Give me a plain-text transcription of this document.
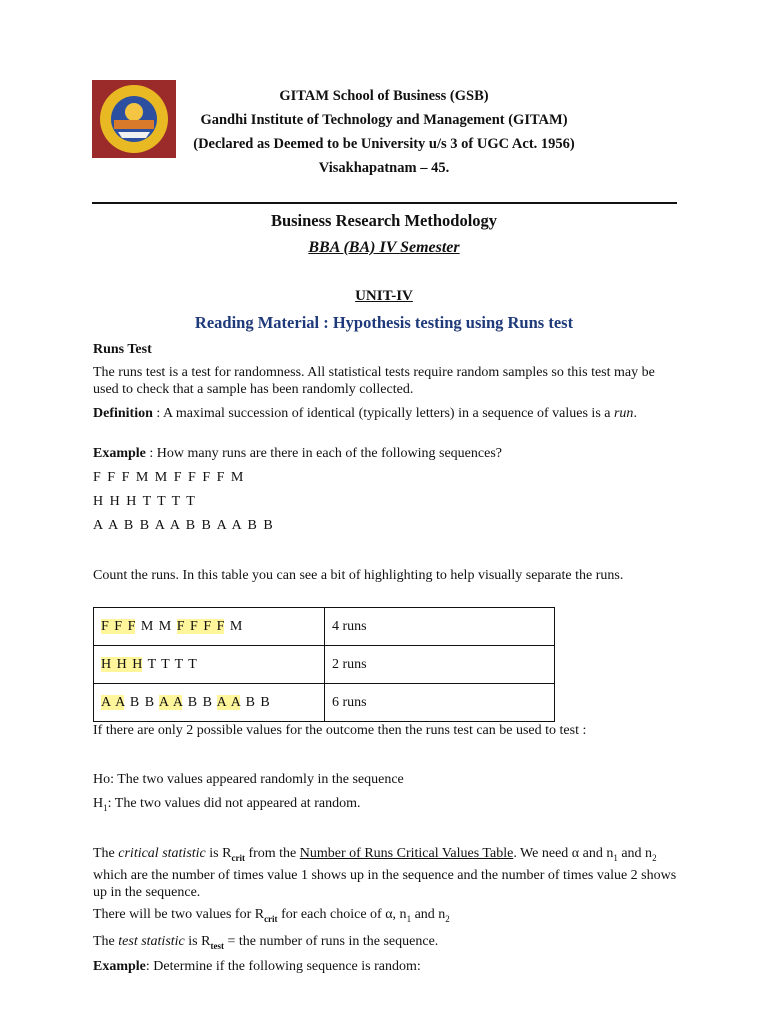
GITAM School of Business (GSB)
Gandhi Institute of Technology and Management (GITAM)
(Declared as Deemed to be University u/s 3 of UGC Act. 1956)
Visakhapatnam – 45.
Business Research Methodology
BBA (BA) IV Semester
UNIT-IV
Reading Material : Hypothesis testing using Runs test
Runs Test
The runs test is a test for randomness. All statistical tests require random samples so this test may be used to check that a sample has been randomly collected.
Definition : A maximal succession of identical (typically letters) in a sequence of values is a run.
Example : How many runs are there in each of the following sequences?
F F F M M F F F F M
H H H T T T T
A A B B A A B B A A B B
Count the runs. In this table you can see a bit of highlighting to help visually separate the runs.
F F F M M F F F F M	4 runs
H H H T T T T	2 runs
A A B B A A B B A A B B	6 runs
If there are only 2 possible values for the outcome then the runs test can be used to test :
Ho: The two values appeared randomly in the sequence
$H_1$: The two values did not appeared at random.
The critical statistic is $R_{crit}$ from the Number of Runs Critical Values Table. We need α and $n_1$ and $n_2$ which are the number of times value 1 shows up in the sequence and the number of times value 2 shows up in the sequence.
There will be two values for $R_{crit}$ for each choice of α, $n_1$ and $n_2$
The test statistic is $R_{test}$ = the number of runs in the sequence.
Example: Determine if the following sequence is random:
